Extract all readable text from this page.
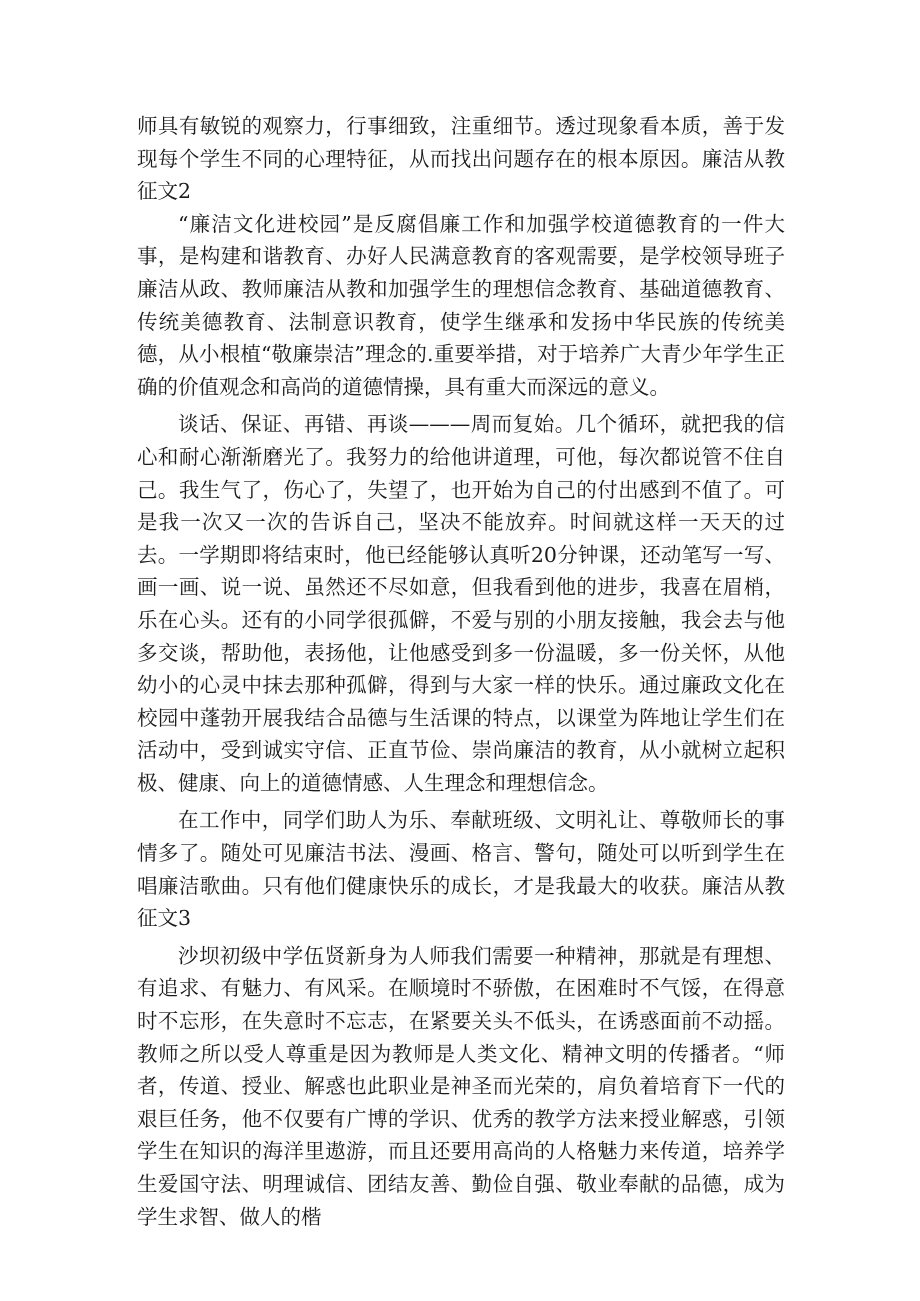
师具有敏锐的观察力，行事细致，注重细节。透过现象看本质，善于发现每个学生不同的心理特征，从而找出问题存在的根本原因。廉洁从教征文2

“廉洁文化进校园”是反腐倡廉工作和加强学校道德教育的一件大事，是构建和谐教育、办好人民满意教育的客观需要，是学校领导班子廉洁从政、教师廉洁从教和加强学生的理想信念教育、基础道德教育、传统美德教育、法制意识教育，使学生继承和发扬中华民族的传统美德，从小根植“敬廉崇洁”理念的.重要举措，对于培养广大青少年学生正确的价值观念和高尚的道德情操，具有重大而深远的意义。

谈话、保证、再错、再谈———周而复始。几个循环，就把我的信心和耐心渐渐磨光了。我努力的给他讲道理，可他，每次都说管不住自己。我生气了，伤心了，失望了，也开始为自己的付出感到不值了。可是我一次又一次的告诉自己，坚决不能放弃。时间就这样一天天的过去。一学期即将结束时，他已经能够认真听20分钟课，还动笔写一写、画一画、说一说、虽然还不尽如意，但我看到他的进步，我喜在眉梢，乐在心头。还有的小同学很孤僻，不爱与别的小朋友接触，我会去与他多交谈，帮助他，表扬他，让他感受到多一份温暖，多一份关怀，从他幼小的心灵中抹去那种孤僻，得到与大家一样的快乐。通过廉政文化在校园中蓬勃开展我结合品德与生活课的特点，以课堂为阵地让学生们在活动中，受到诚实守信、正直节俭、崇尚廉洁的教育，从小就树立起积极、健康、向上的道德情感、人生理念和理想信念。

在工作中，同学们助人为乐、奉献班级、文明礼让、尊敬师长的事情多了。随处可见廉洁书法、漫画、格言、警句，随处可以听到学生在唱廉洁歌曲。只有他们健康快乐的成长，才是我最大的收获。廉洁从教征文3

沙坝初级中学伍贤新身为人师我们需要一种精神，那就是有理想、有追求、有魅力、有风采。在顺境时不骄傲，在困难时不气馁，在得意时不忘形，在失意时不忘志，在紧要关头不低头，在诱惑面前不动摇。教师之所以受人尊重是因为教师是人类文化、精神文明的传播者。“师者，传道、授业、解惑也此职业是神圣而光荣的，肩负着培育下一代的艰巨任务，他不仅要有广博的学识、优秀的教学方法来授业解惑，引领学生在知识的海洋里遨游，而且还要用高尚的人格魅力来传道，培养学生爱国守法、明理诚信、团结友善、勤俭自强、敬业奉献的品德，成为学生求智、做人的楷
